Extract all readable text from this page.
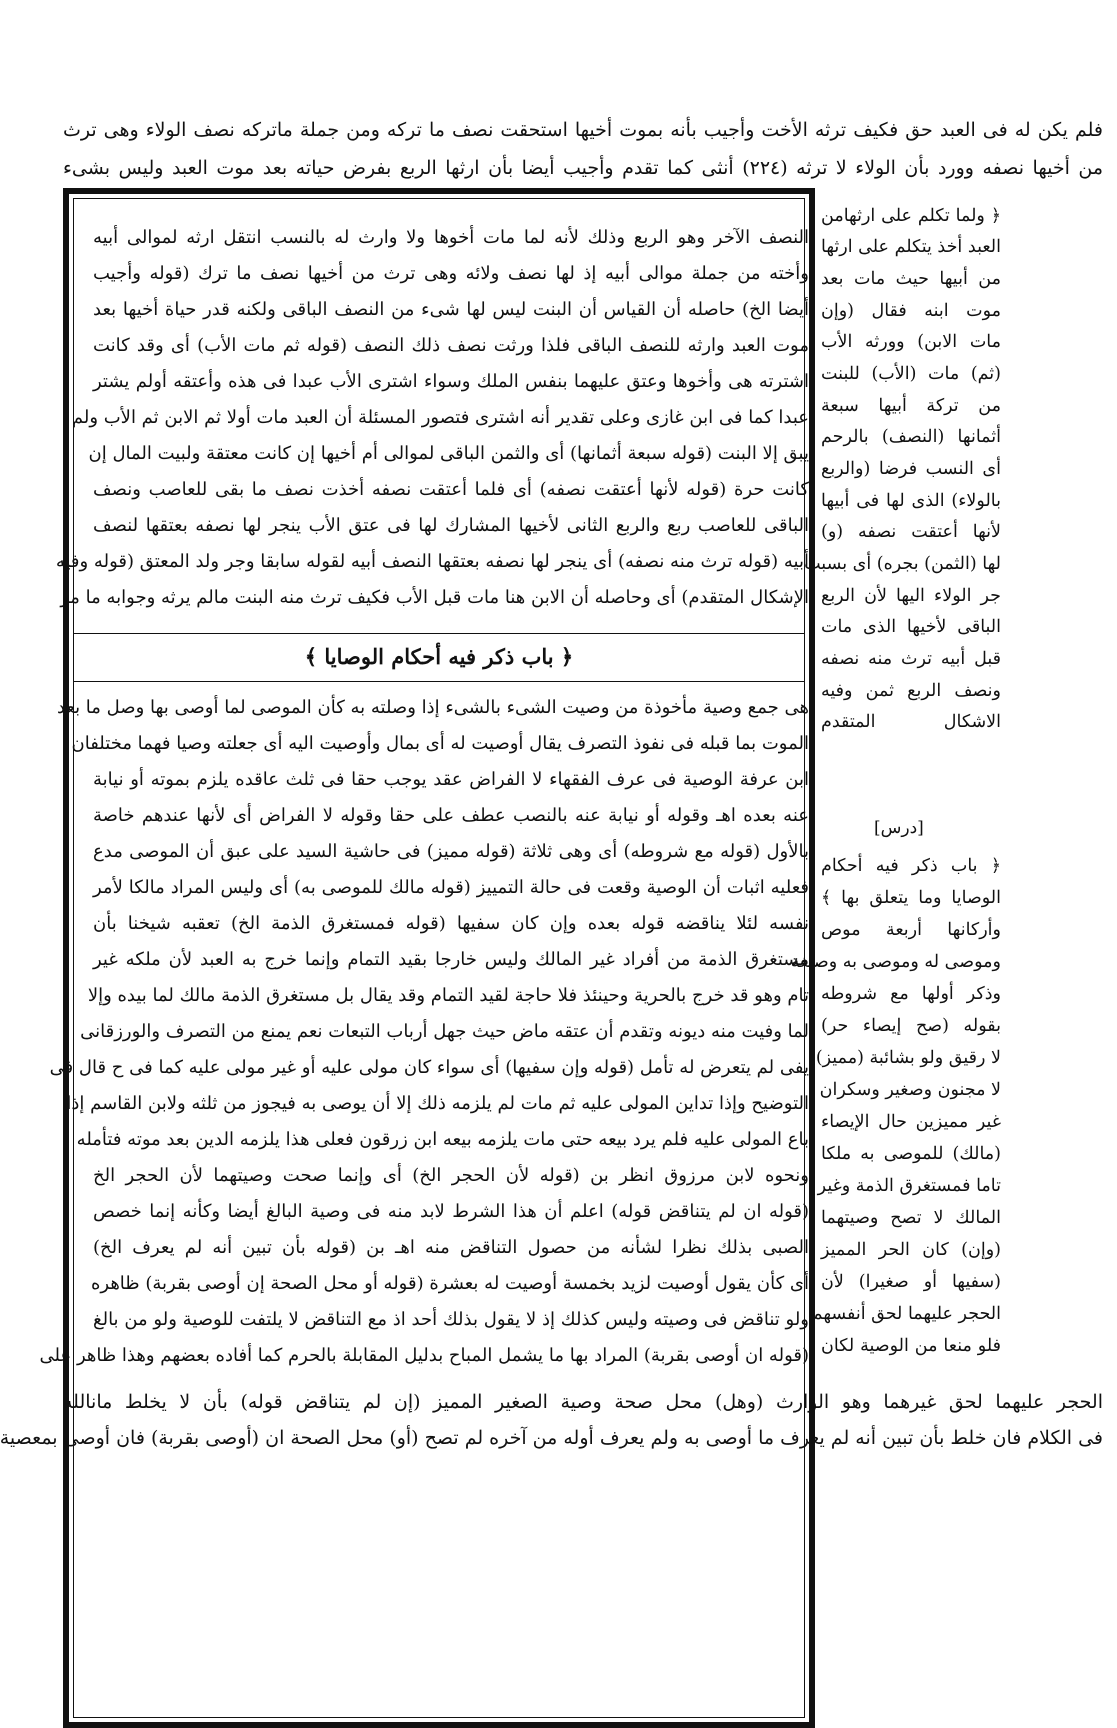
فلم يكن له فى العبد حق فكيف ترثه الأخت وأجيب بأنه بموت أخيها استحقت نصف ما تركه ومن جملة ماتركه نصف الولاء وهى ترث
من أخيها نصفه وورد بأن الولاء لا ترثه (٢٢٤) أنثى كما تقدم وأجيب أيضا بأن ارثها الربع بفرض حياته بعد موت العبد وليس بشىء
﴿ ولما تكلم على ارثهامن
العبد أخذ يتكلم على ارثها
من أبيها حيث مات بعد
موت ابنه فقال (وإن
مات الابن) وورثه الأب
(ثم) مات (الأب) للبنت
من تركة أبيها سبعة
أثمانها (النصف) بالرحم
أى النسب فرضا (والربع
بالولاء) الذى لها فى أبيها
لأنها أعتقت نصفه (و)
لها (الثمن) بجره) أى بسبب
جر الولاء اليها لأن الربع
الباقى لأخيها الذى مات
قبل أبيه ترث منه نصفه
ونصف الربع ثمن وفيه
الاشكال المتقدم
[درس]
﴿ باب ذكر فيه أحكام
الوصايا وما يتعلق بها ﴾
وأركانها أربعة موص
وموصى له وموصى به وصيغة
وذكر أولها مع شروطه
بقوله (صح إيصاء حر)
لا رقيق ولو بشائبة (مميز)
لا مجنون وصغير وسكران
غير مميزين حال الإيصاء
(مالك) للموصى به ملكا
تاما فمستغرق الذمة وغير
المالك لا تصح وصيتهما
(وإن) كان الحر المميز
(سفيها أو صغيرا) لأن
الحجر عليهما لحق أنفسهما
فلو منعا من الوصية لكان
النصف الآخر وهو الربع وذلك لأنه لما مات أخوها ولا وارث له بالنسب انتقل ارثه لموالى أبيه
وأخته من جملة موالى أبيه إذ لها نصف ولائه وهى ترث من أخيها نصف ما ترك (قوله وأجيب
أيضا الخ) حاصله أن القياس أن البنت ليس لها شىء من النصف الباقى ولكنه قدر حياة أخيها بعد
موت العبد وارثه للنصف الباقى فلذا ورثت نصف ذلك النصف (قوله ثم مات الأب) أى وقد كانت
اشترته هى وأخوها وعتق عليهما بنفس الملك وسواء اشترى الأب عبدا فى هذه وأعتقه أولم يشتر
عبدا كما فى ابن غازى وعلى تقدير أنه اشترى فتصور المسئلة أن العبد مات أولا ثم الابن ثم الأب ولم
يبق إلا البنت (قوله سبعة أثمانها) أى والثمن الباقى لموالى أم أخيها إن كانت معتقة ولبيت المال إن
كانت حرة (قوله لأنها أعتقت نصفه) أى فلما أعتقت نصفه أخذت نصف ما بقى للعاصب ونصف
الباقى للعاصب ربع والربع الثانى لأخيها المشارك لها فى عتق الأب ينجر لها نصفه بعتقها لنصف
أبيه (قوله ترث منه نصفه) أى ينجر لها نصفه بعتقها النصف أبيه لقوله سابقا وجر ولد المعتق (قوله وفيه
الإشكال المتقدم) أى وحاصله أن الابن هنا مات قبل الأب فكيف ترث منه البنت مالم يرثه وجوابه ما مر
﴿ باب ذكر فيه أحكام الوصايا ﴾
هى جمع وصية مأخوذة من وصيت الشىء بالشىء إذا وصلته به كأن الموصى لما أوصى بها وصل ما بعد
الموت بما قبله فى نفوذ التصرف يقال أوصيت له أى بمال وأوصيت اليه أى جعلته وصيا فهما مختلفان
ابن عرفة الوصية فى عرف الفقهاء لا الفراض عقد يوجب حقا فى ثلث عاقده يلزم بموته أو نيابة
عنه بعده اهـ وقوله أو نيابة عنه بالنصب عطف على حقا وقوله لا الفراض أى لأنها عندهم خاصة
بالأول (قوله مع شروطه) أى وهى ثلاثة (قوله مميز) فى حاشية السيد على عبق أن الموصى مدع
فعليه اثبات أن الوصية وقعت فى حالة التمييز (قوله مالك للموصى به) أى وليس المراد مالكا لأمر
نفسه لئلا يناقضه قوله بعده وإن كان سفيها (قوله فمستغرق الذمة الخ) تعقبه شيخنا بأن
مستغرق الذمة من أفراد غير المالك وليس خارجا بقيد التمام وإنما خرج به العبد لأن ملكه غير
تام وهو قد خرج بالحرية وحينئذ فلا حاجة لقيد التمام وقد يقال بل مستغرق الذمة مالك لما بيده وإلا
لما وفيت منه ديونه وتقدم أن عتقه ماض حيث جهل أرباب التبعات نعم يمنع من التصرف والورزقانى
يفى لم يتعرض له تأمل (قوله وإن سفيها) أى سواء كان مولى عليه أو غير مولى عليه كما فى ح قال فى
التوضيح وإذا تداين المولى عليه ثم مات لم يلزمه ذلك إلا أن يوصى به فيجوز من ثلثه ولابن القاسم إذا
باع المولى عليه فلم يرد بيعه حتى مات يلزمه بيعه ابن زرقون فعلى هذا يلزمه الدين بعد موته فتأمله
ونحوه لابن مرزوق انظر بن (قوله لأن الحجر الخ) أى وإنما صحت وصيتهما لأن الحجر الخ
(قوله ان لم يتناقض قوله) اعلم أن هذا الشرط لابد منه فى وصية البالغ أيضا وكأنه إنما خصص
الصبى بذلك نظرا لشأنه من حصول التناقض منه اهـ بن (قوله بأن تبين أنه لم يعرف الخ)
أى كأن يقول أوصيت لزيد بخمسة أوصيت له بعشرة (قوله أو محل الصحة إن أوصى بقربة) ظاهره
ولو تناقض فى وصيته وليس كذلك إذ لا يقول بذلك أحد اذ مع التناقض لا يلتفت للوصية ولو من بالغ
(قوله ان أوصى بقربة) المراد بها ما يشمل المباح بدليل المقابلة بالحرم كما أفاده بعضهم وهذا ظاهر على
الحجر عليهما لحق غيرهما وهو الوارث (وهل) محل صحة وصية الصغير المميز (إن لم يتناقض قوله) بأن لا يخلط مانالله
فى الكلام فان خلط بأن تبين أنه لم يعرف ما أوصى به ولم يعرف أوله من آخره لم تصح (أو) محل الصحة ان (أوصى بقربة) فان أوصى بمعصية
